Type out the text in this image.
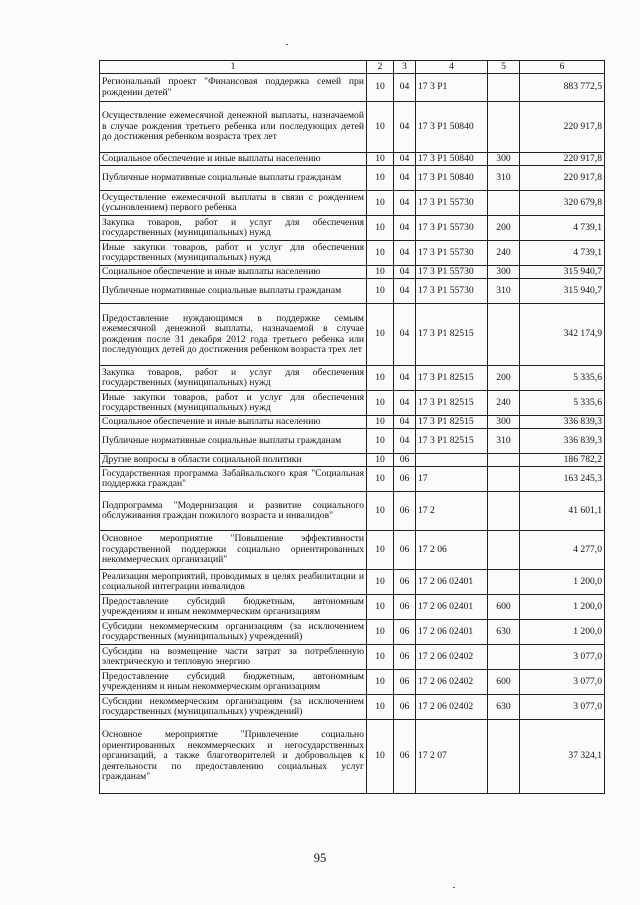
1	2	3	4	5	6
Региональный проект "Финансовая поддержка семей при рождении детей"	10	04	17 3 P1		883 772,5
Осуществление ежемесячной денежной выплаты, назначаемой в случае рождения третьего ребенка или последующих детей до достижения ребенком возраста трех лет	10	04	17 3 P1 50840		220 917,8
Социальное обеспечение и иные выплаты населению	10	04	17 3 P1 50840	300	220 917,8
Публичные нормативные социальные выплаты гражданам	10	04	17 3 P1 50840	310	220 917,8
Осуществление ежемесячной выплаты в связи с рождением (усыновлением) первого ребенка	10	04	17 3 P1 55730		320 679,8
Закупка товаров, работ и услуг для обеспечения государственных (муниципальных) нужд	10	04	17 3 P1 55730	200	4 739,1
Иные закупки товаров, работ и услуг для обеспечения государственных (муниципальных) нужд	10	04	17 3 P1 55730	240	4 739,1
Социальное обеспечение и иные выплаты населению	10	04	17 3 P1 55730	300	315 940,7
Публичные нормативные социальные выплаты гражданам	10	04	17 3 P1 55730	310	315 940,7
Предоставление нуждающимся в поддержке семьям ежемесячной денежной выплаты, назначаемой в случае рождения после 31 декабря 2012 года третьего ребенка или последующих детей до достижения ребенком возраста трех лет	10	04	17 3 P1 82515		342 174,9
Закупка товаров, работ и услуг для обеспечения государственных (муниципальных) нужд	10	04	17 3 P1 82515	200	5 335,6
Иные закупки товаров, работ и услуг для обеспечения государственных (муниципальных) нужд	10	04	17 3 P1 82515	240	5 335,6
Социальное обеспечение и иные выплаты населению	10	04	17 3 P1 82515	300	336 839,3
Публичные нормативные социальные выплаты гражданам	10	04	17 3 P1 82515	310	336 839,3
Другие вопросы в области социальной политики	10	06			186 782,2
Государственная программа Забайкальского края "Социальная поддержка граждан"	10	06	17		163 245,3
Подпрограмма "Модернизация и развитие социального обслуживания граждан пожилого возраста и инвалидов"	10	06	17 2		41 601,1
Основное мероприятие "Повышение эффективности государственной поддержки социально ориентированных некоммерческих организаций"	10	06	17 2 06		4 277,0
Реализация мероприятий, проводимых в целях реабилитации и социальной интеграции инвалидов	10	06	17 2 06 02401		1 200,0
Предоставление субсидий бюджетным, автономным учреждениям и иным некоммерческим организациям	10	06	17 2 06 02401	600	1 200,0
Субсидии некоммерческим организациям (за исключением государственных (муниципальных) учреждений)	10	06	17 2 06 02401	630	1 200,0
Субсидии на возмещение части затрат за потребленную электрическую и тепловую энергию	10	06	17 2 06 02402		3 077,0
Предоставление субсидий бюджетным, автономным учреждениям и иным некоммерческим организациям	10	06	17 2 06 02402	600	3 077,0
Субсидии некоммерческим организациям (за исключением государственных (муниципальных) учреждений)	10	06	17 2 06 02402	630	3 077,0
Основное мероприятие "Привлечение социально ориентированных некоммерческих и негосударственных организаций, а также благотворителей и добровольцев к деятельности по предоставлению социальных услуг гражданам"	10	06	17 2 07		37 324,1
95
